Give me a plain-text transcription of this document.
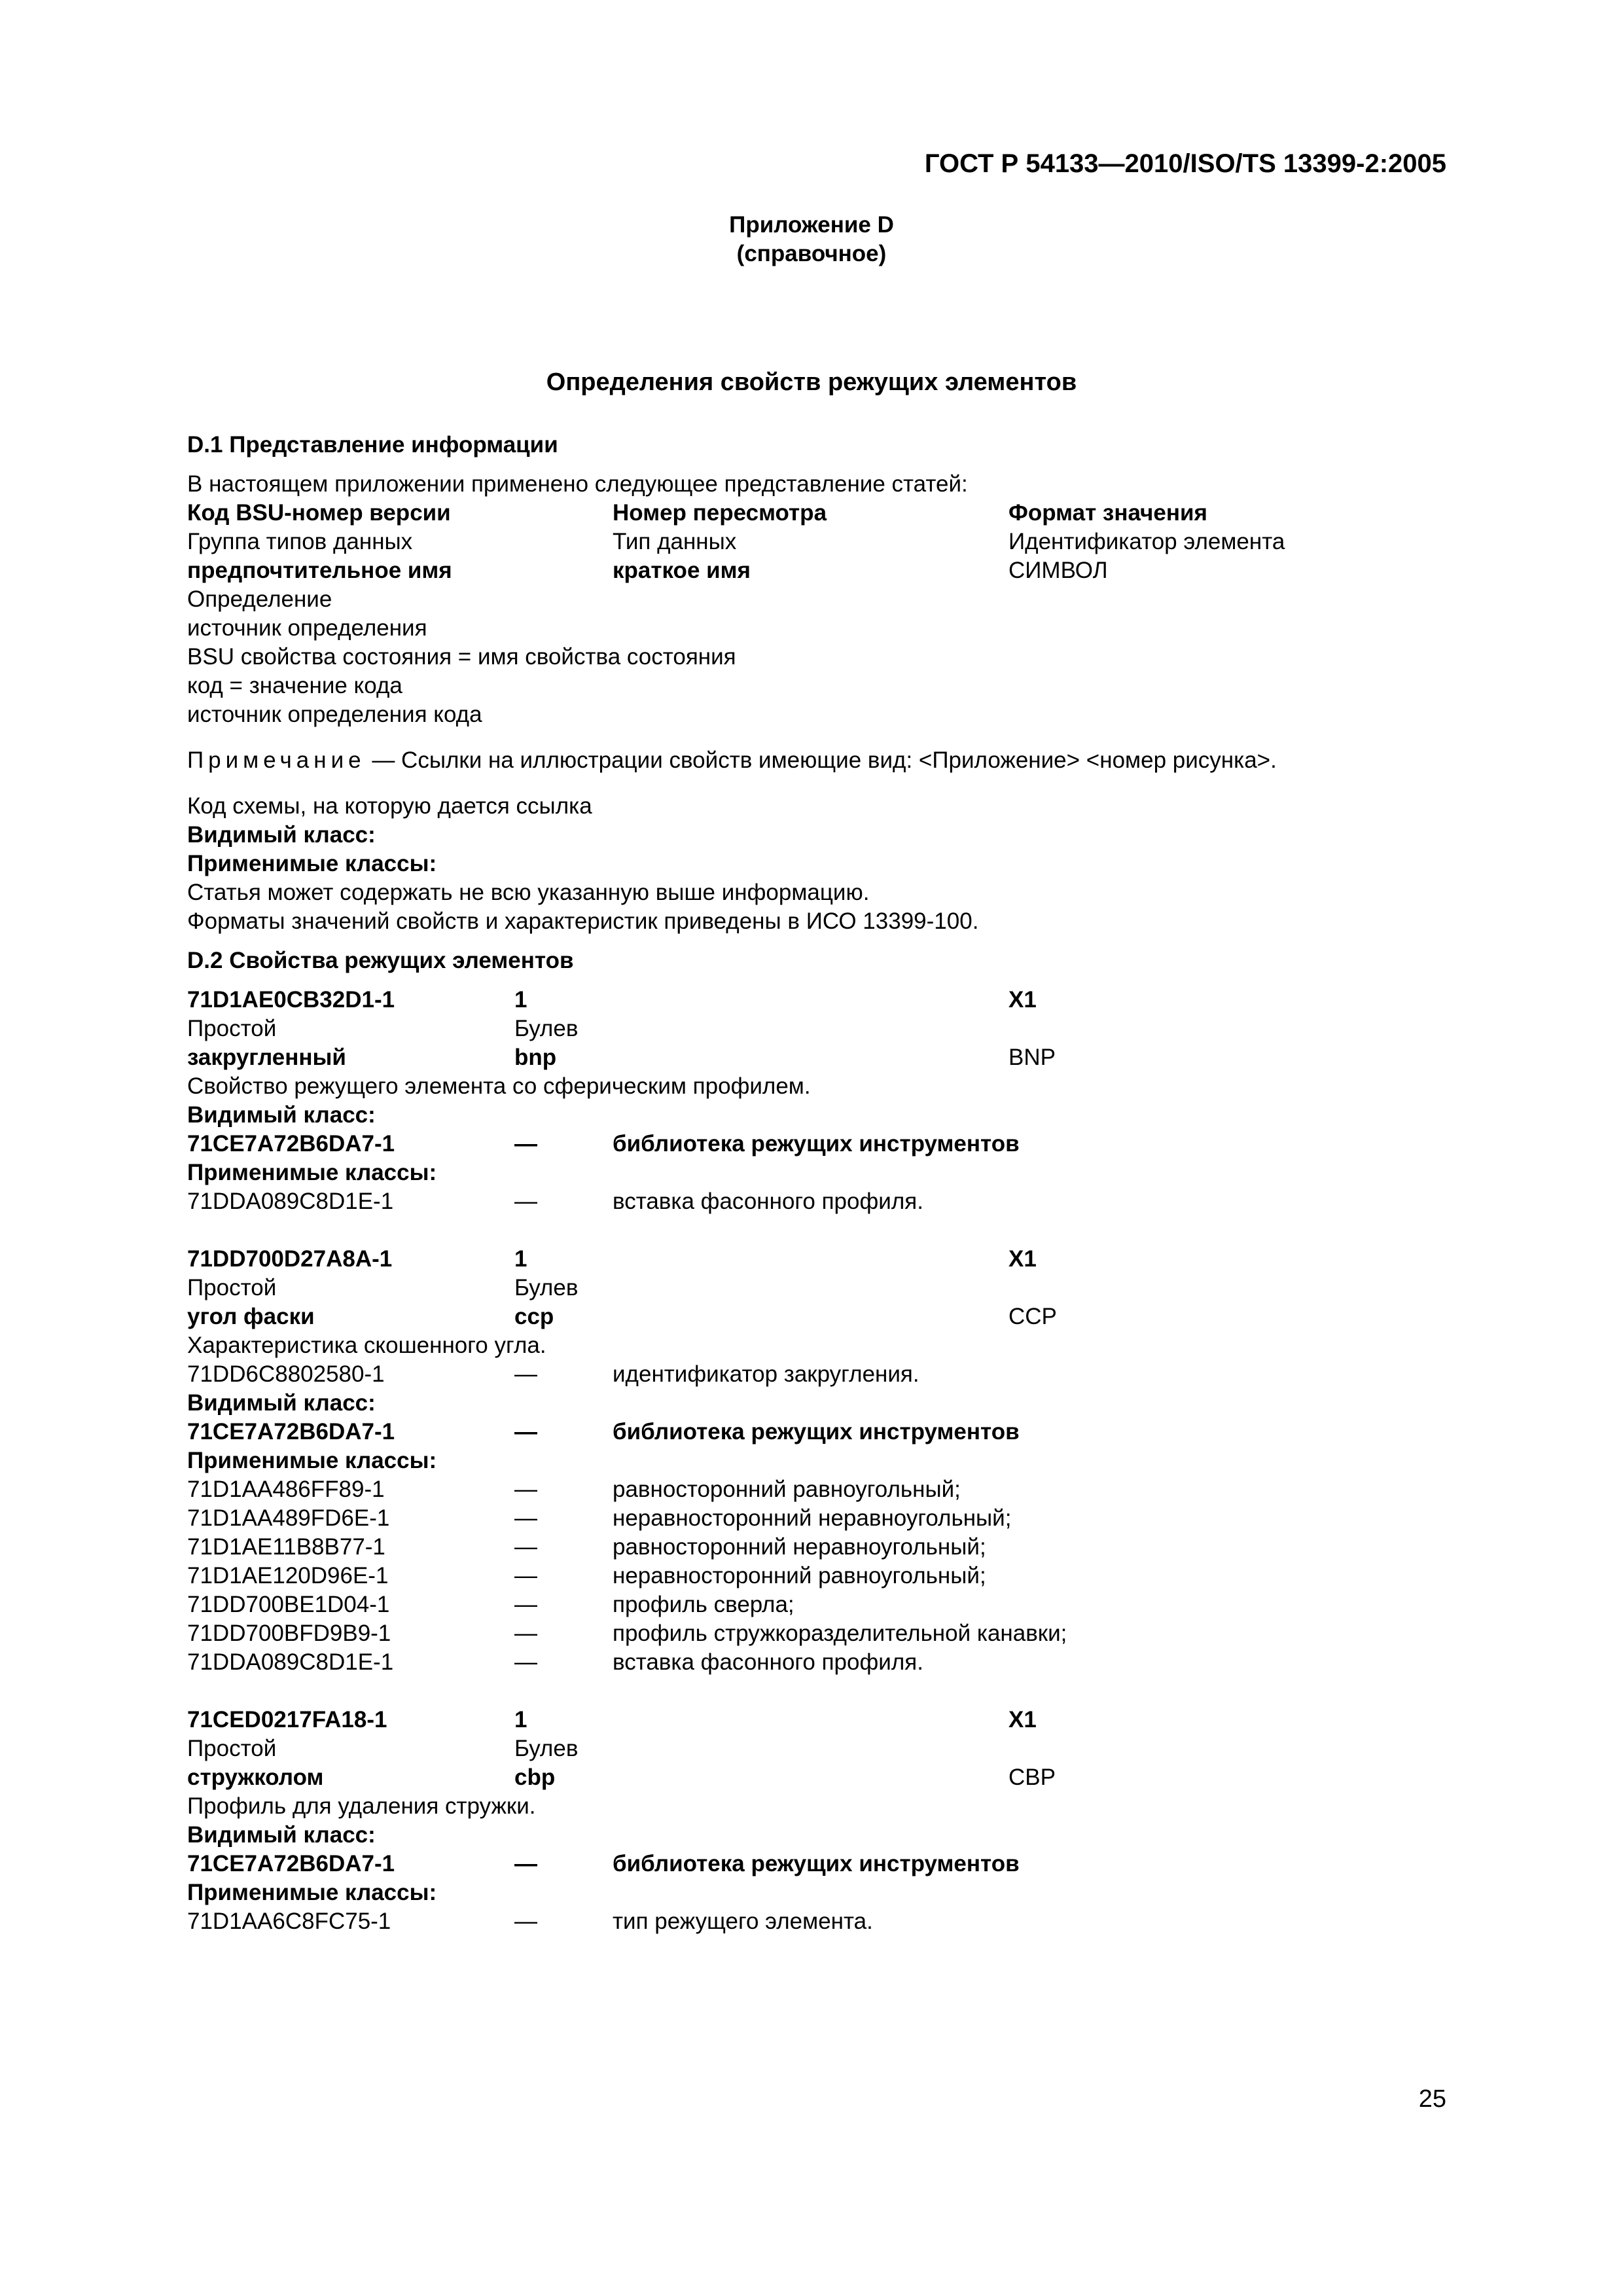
ГОСТ Р 54133—2010/ISO/TS 13399-2:2005
Приложение D
(справочное)
Определения свойств режущих элементов
D.1 Представление информации
В настоящем приложении применено следующее представление статей:
Код BSU-номер версии	Номер пересмотра	Формат значения
Группа типов данных	Тип данных	Идентификатор элемента
предпочтительное имя	краткое имя	СИМВОЛ
Определение
источник определения
BSU свойства состояния = имя свойства состояния
код = значение кода
источник определения кода
Примечание — Ссылки на иллюстрации свойств имеющие вид: <Приложение> <номер рисунка>.
Код схемы, на которую дается ссылка
Видимый класс:
Применимые классы:
Статья может содержать не всю указанную выше информацию.
Форматы значений свойств и характеристик приведены в ИСО 13399-100.
D.2 Свойства режущих элементов
71D1AE0CB32D1-1	1	X1
Простой	Булев
закругленный	bnp	BNP
Свойство режущего элемента со сферическим профилем.
Видимый класс:
71CE7A72B6DA7-1	—	библиотека режущих инструментов
Применимые классы:
71DDA089C8D1E-1	—	вставка фасонного профиля.
71DD700D27A8A-1	1	X1
Простой	Булев
угол фаски	ccp	CCP
Характеристика скошенного угла.
71DD6C8802580-1	—	идентификатор закругления.
Видимый класс:
71CE7A72B6DA7-1	—	библиотека режущих инструментов
Применимые классы:
71D1AA486FF89-1	—	равносторонний равноугольный;
71D1AA489FD6E-1	—	неравносторонний неравноугольный;
71D1AE11B8B77-1	—	равносторонний неравноугольный;
71D1AE120D96E-1	—	неравносторонний равноугольный;
71DD700BE1D04-1	—	профиль сверла;
71DD700BFD9B9-1	—	профиль стружкоразделительной канавки;
71DDA089C8D1E-1	—	вставка фасонного профиля.
71CED0217FA18-1	1	X1
Простой	Булев
стружколом	cbp	CBP
Профиль для удаления стружки.
Видимый класс:
71CE7A72B6DA7-1	—	библиотека режущих инструментов
Применимые классы:
71D1AA6C8FC75-1	—	тип режущего элемента.
25
